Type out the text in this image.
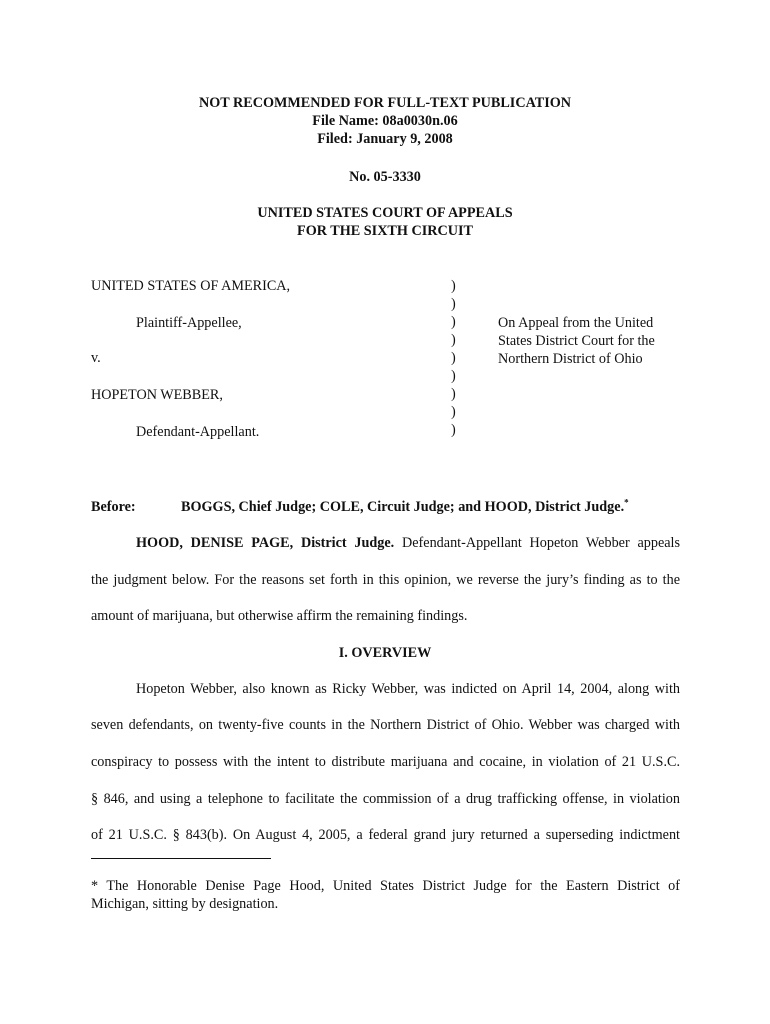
NOT RECOMMENDED FOR FULL-TEXT PUBLICATION
File Name: 08a0030n.06
Filed: January 9, 2008
No. 05-3330
UNITED STATES COURT OF APPEALS
FOR THE SIXTH CIRCUIT
UNITED STATES OF AMERICA,
Plaintiff-Appellee,
v.
HOPETON WEBBER,
Defendant-Appellant.
)
)
)
)
)
)
)
)
)
On Appeal from the United
States District Court for the
Northern District of Ohio
Before:	BOGGS, Chief Judge; COLE, Circuit Judge; and HOOD, District Judge.*
HOOD, DENISE PAGE, District Judge. Defendant-Appellant Hopeton Webber appeals
the judgment below. For the reasons set forth in this opinion, we reverse the jury’s finding as to the
amount of marijuana, but otherwise affirm the remaining findings.
I. OVERVIEW
Hopeton Webber, also known as Ricky Webber, was indicted on April 14, 2004, along with
seven defendants, on twenty-five counts in the Northern District of Ohio. Webber was charged with
conspiracy to possess with the intent to distribute marijuana and cocaine, in violation of 21 U.S.C.
§ 846, and using a telephone to facilitate the commission of a drug trafficking offense, in violation
of 21 U.S.C. § 843(b). On August 4, 2005, a federal grand jury returned a superseding indictment
* The Honorable Denise Page Hood, United States District Judge for the Eastern District of
Michigan, sitting by designation.
